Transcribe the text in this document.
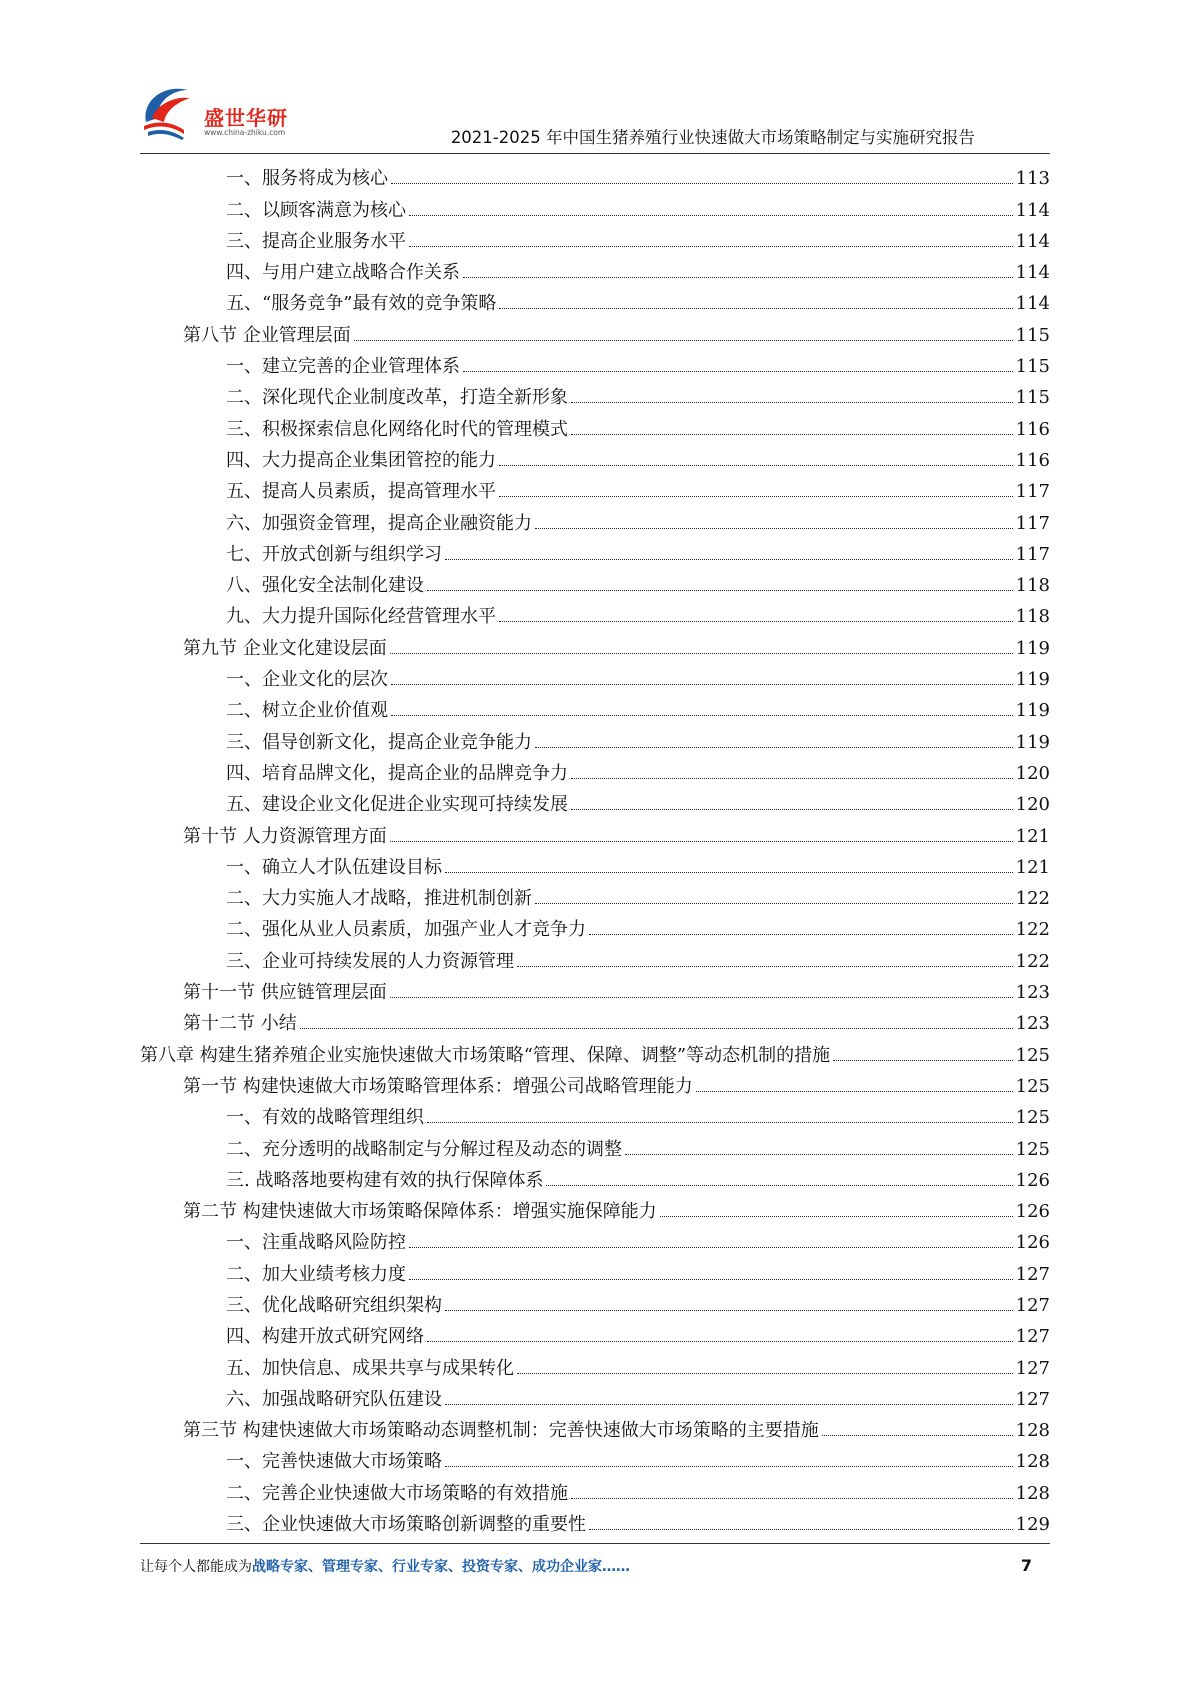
盛世华研
www.china-zhiku.com	2021-2025 年中国生猪养殖行业快速做大市场策略制定与实施研究报告
一、服务将成为核心	113
二、以顾客满意为核心	114
三、提高企业服务水平	114
四、与用户建立战略合作关系	114
五、“服务竞争”最有效的竞争策略	114
第八节 企业管理层面	115
一、建立完善的企业管理体系	115
二、深化现代企业制度改革，打造全新形象	115
三、积极探索信息化网络化时代的管理模式	116
四、大力提高企业集团管控的能力	116
五、提高人员素质，提高管理水平	117
六、加强资金管理，提高企业融资能力	117
七、开放式创新与组织学习	117
八、强化安全法制化建设	118
九、大力提升国际化经营管理水平	118
第九节 企业文化建设层面	119
一、企业文化的层次	119
二、树立企业价值观	119
三、倡导创新文化，提高企业竞争能力	119
四、培育品牌文化，提高企业的品牌竞争力	120
五、建设企业文化促进企业实现可持续发展	120
第十节 人力资源管理方面	121
一、确立人才队伍建设目标	121
二、大力实施人才战略，推进机制创新	122
二、强化从业人员素质，加强产业人才竞争力	122
三、企业可持续发展的人力资源管理	122
第十一节 供应链管理层面	123
第十二节 小结	123
第八章 构建生猪养殖企业实施快速做大市场策略“管理、保障、调整”等动态机制的措施	125
第一节 构建快速做大市场策略管理体系：增强公司战略管理能力	125
一、有效的战略管理组织	125
二、充分透明的战略制定与分解过程及动态的调整	125
三. 战略落地要构建有效的执行保障体系	126
第二节 构建快速做大市场策略保障体系：增强实施保障能力	126
一、注重战略风险防控	126
二、加大业绩考核力度	127
三、优化战略研究组织架构	127
四、构建开放式研究网络	127
五、加快信息、成果共享与成果转化	127
六、加强战略研究队伍建设	127
第三节 构建快速做大市场策略动态调整机制：完善快速做大市场策略的主要措施	128
一、完善快速做大市场策略	128
二、完善企业快速做大市场策略的有效措施	128
三、企业快速做大市场策略创新调整的重要性	129
让每个人都能成为战略专家、管理专家、行业专家、投资专家、成功企业家……	7
